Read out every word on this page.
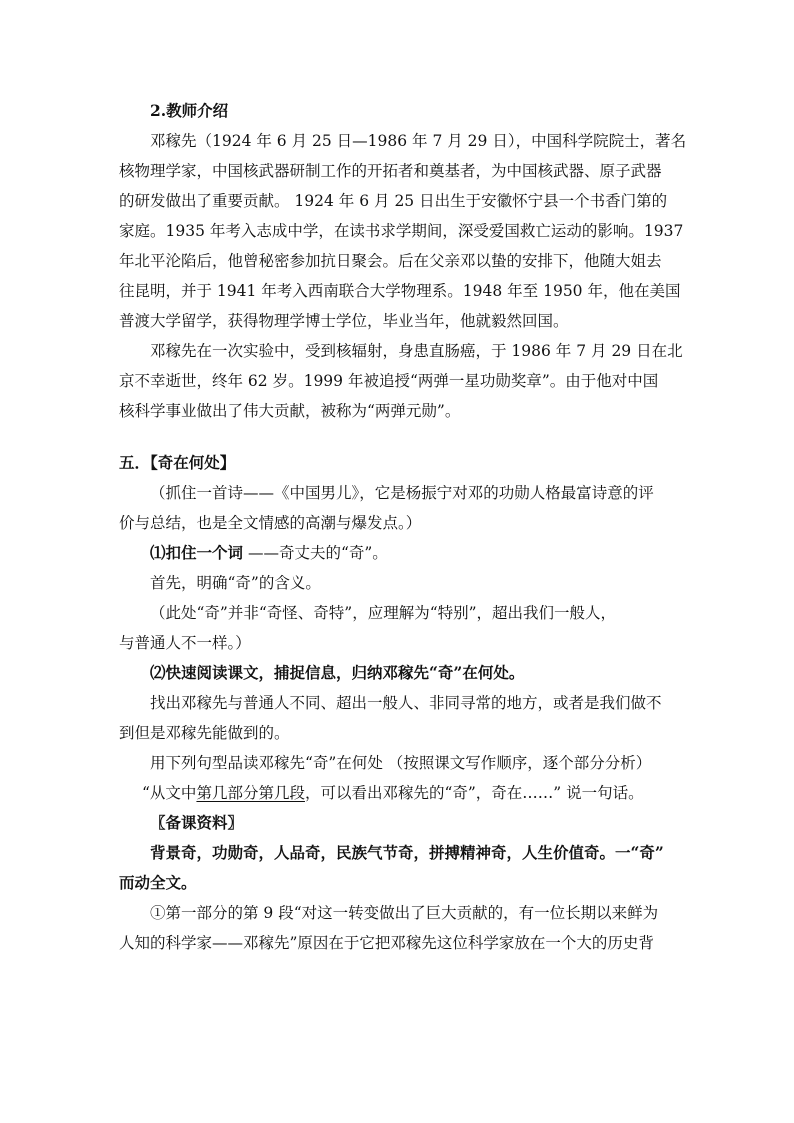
2.教师介绍
邓稼先（1924 年 6 月 25 日—1986 年 7 月 29 日），中国科学院院士，著名
核物理学家，中国核武器研制工作的开拓者和奠基者，为中国核武器、原子武器
的研发做出了重要贡献。 1924 年 6 月 25 日出生于安徽怀宁县一个书香门第的
家庭。1935 年考入志成中学，在读书求学期间，深受爱国救亡运动的影响。1937
年北平沦陷后，他曾秘密参加抗日聚会。后在父亲邓以蛰的安排下，他随大姐去
往昆明，并于 1941 年考入西南联合大学物理系。1948 年至 1950 年，他在美国
普渡大学留学，获得物理学博士学位，毕业当年，他就毅然回国。
邓稼先在一次实验中，受到核辐射，身患直肠癌，于 1986 年 7 月 29 日在北
京不幸逝世，终年 62 岁。1999 年被追授“两弹一星功勋奖章”。由于他对中国
核科学事业做出了伟大贡献，被称为“两弹元勋”。
五．【奇在何处】
（抓住一首诗——《中国男儿》，它是杨振宁对邓的功勋人格最富诗意的评
价与总结，也是全文情感的高潮与爆发点。）
⑴扣住一个词 ——奇丈夫的“奇”。
首先，明确“奇”的含义。
（此处“奇”并非“奇怪、奇特”，应理解为“特别”，超出我们一般人，
与普通人不一样。）
⑵快速阅读课文，捕捉信息，归纳邓稼先“奇”在何处。
找出邓稼先与普通人不同、超出一般人、非同寻常的地方，或者是我们做不
到但是邓稼先能做到的。
用下列句型品读邓稼先“奇”在何处 （按照课文写作顺序，逐个部分分析）
“从文中第几部分第几段，可以看出邓稼先的“奇”，奇在……” 说一句话。
〖备课资料〗
背景奇，功勋奇，人品奇，民族气节奇，拼搏精神奇，人生价值奇。一“奇”
而动全文。
①第一部分的第 9 段“对这一转变做出了巨大贡献的，有一位长期以来鲜为
人知的科学家——邓稼先”原因在于它把邓稼先这位科学家放在一个大的历史背
